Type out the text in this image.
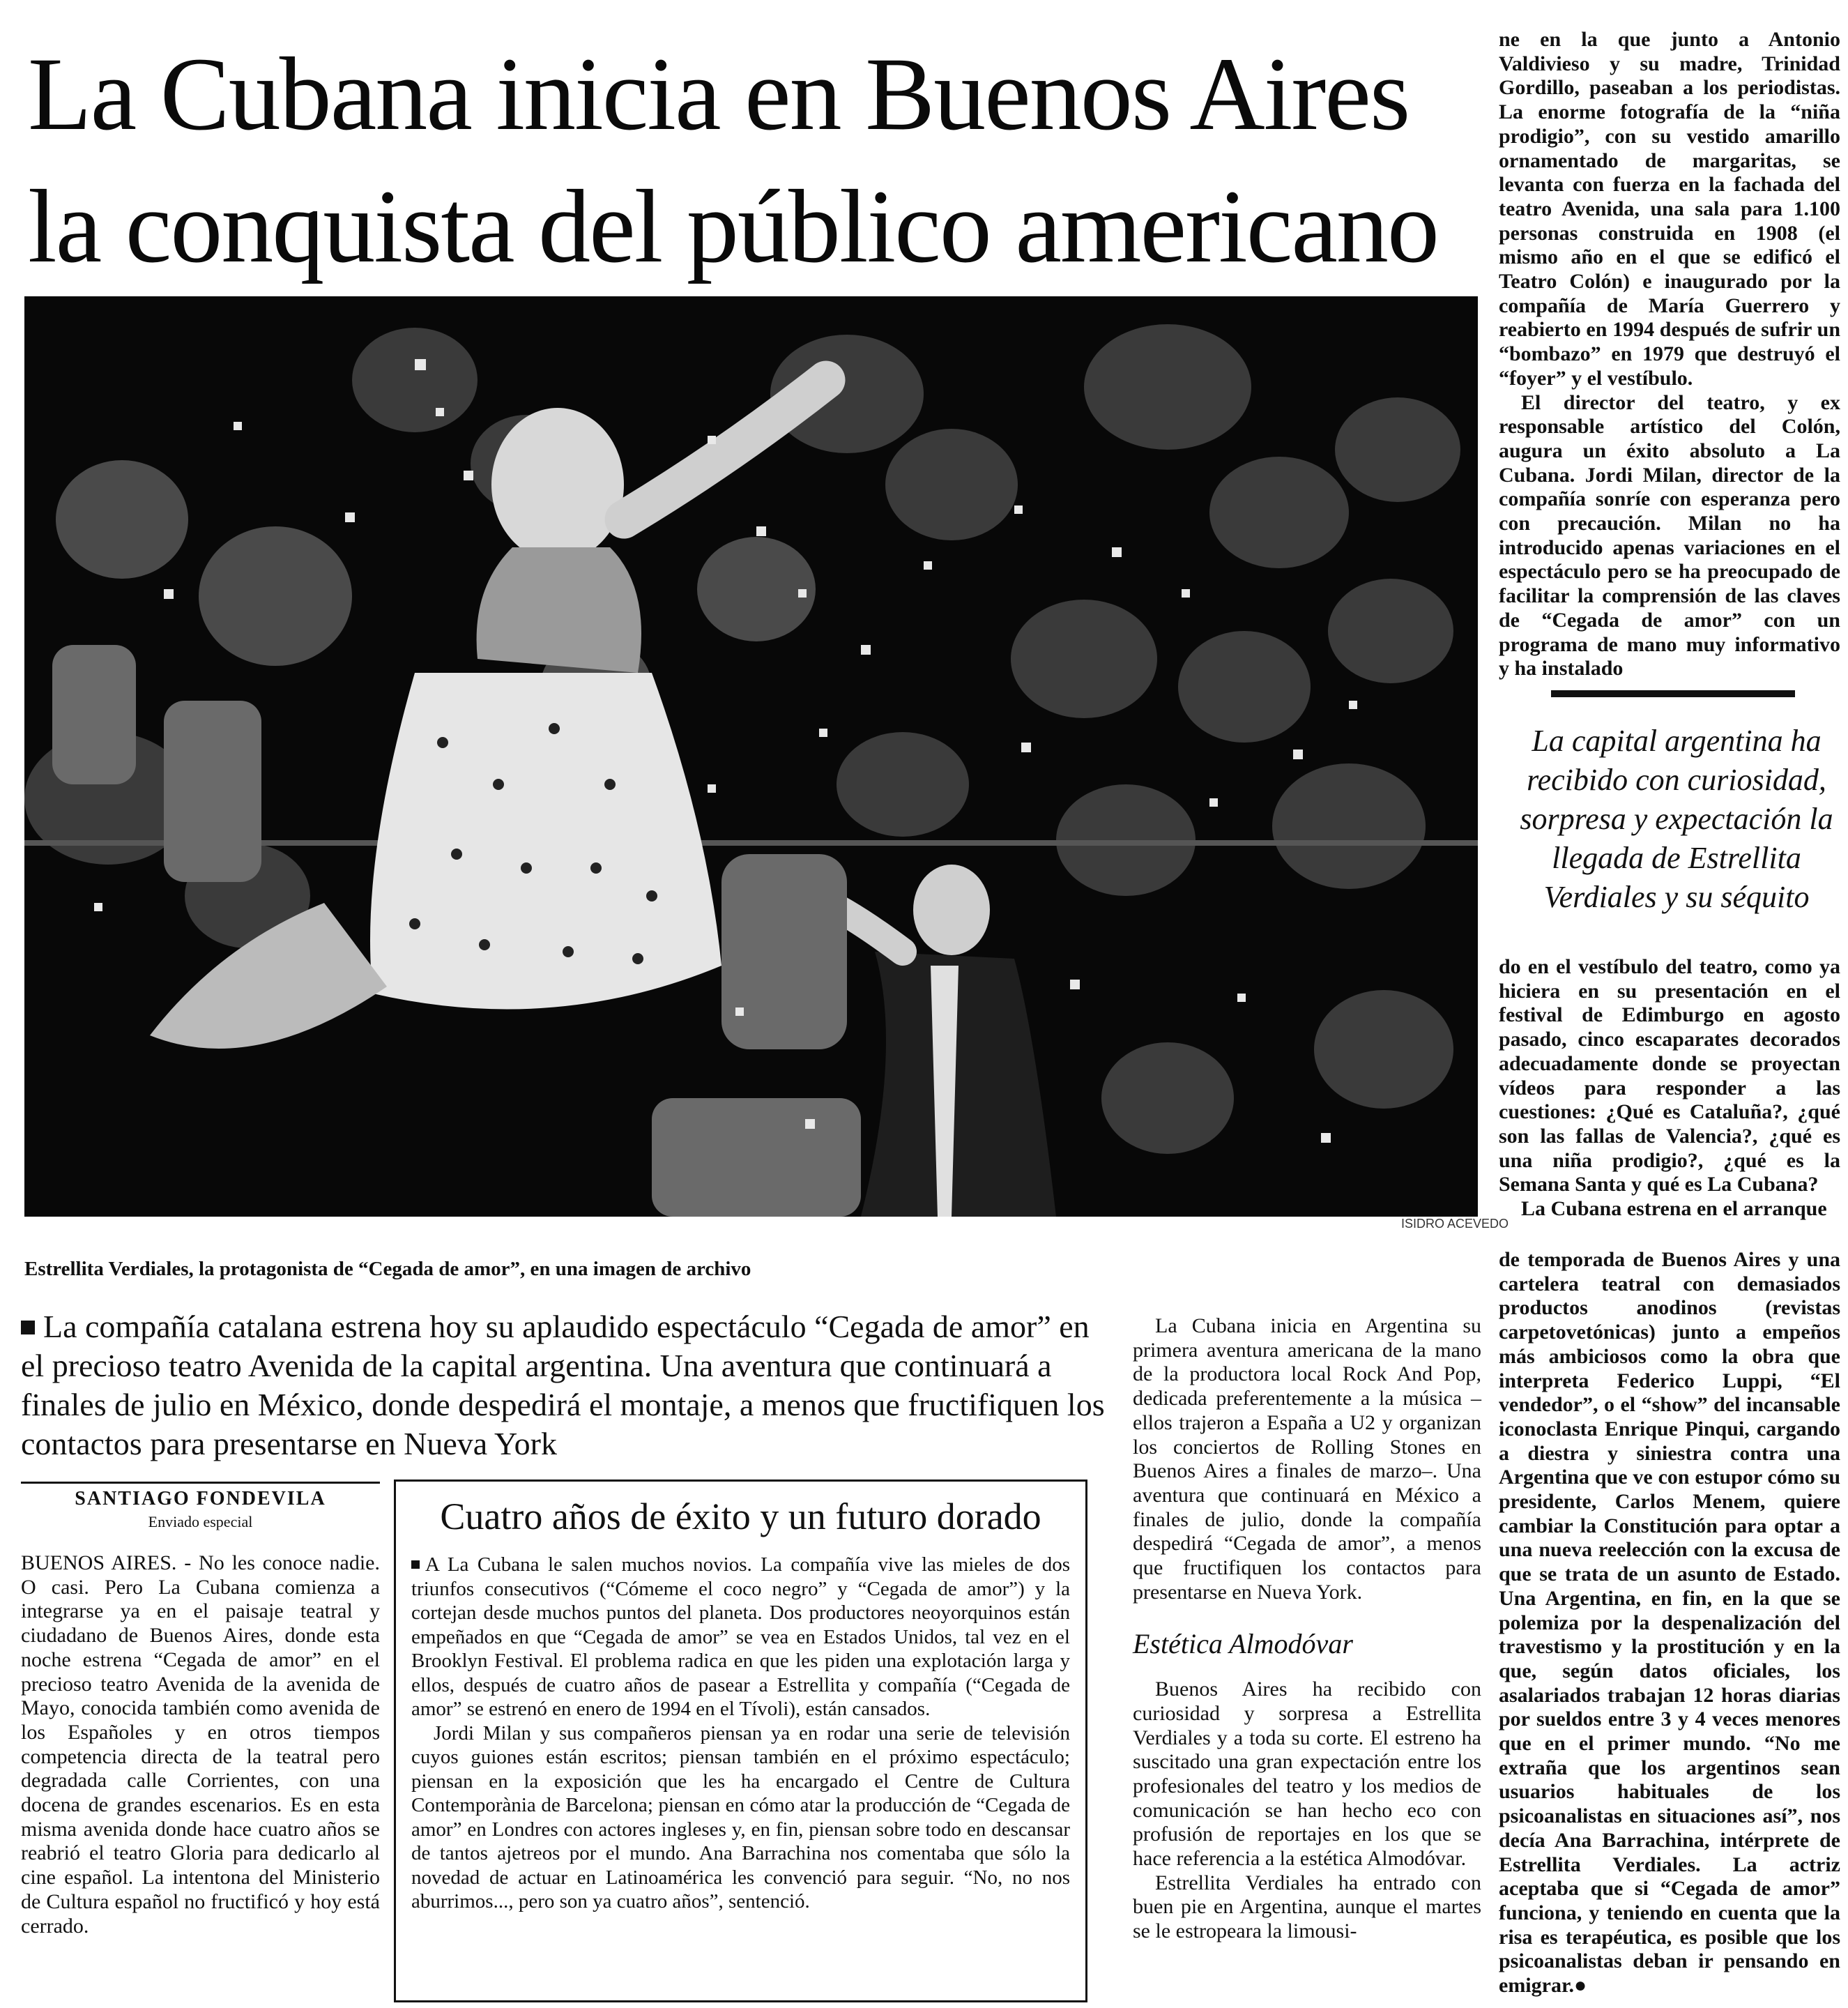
La Cubana inicia en Buenos Aires la conquista del público americano
ISIDRO ACEVEDO
Estrellita Verdiales, la protagonista de “Cegada de amor”, en una imagen de archivo
La compañía catalana estrena hoy su aplaudido espectáculo “Cegada de amor” en el precioso teatro Avenida de la capital argentina. Una aventura que continuará a finales de julio en México, donde despedirá el montaje, a menos que fructifiquen los contactos para presentarse en Nueva York
SANTIAGO FONDEVILA
Enviado especial

BUENOS AIRES. - No les conoce nadie. O casi. Pero La Cubana comienza a integrarse ya en el paisaje teatral y ciudadano de Buenos Aires, donde esta noche estrena “Cegada de amor” en el precioso teatro Avenida de la avenida de Mayo, conocida también como avenida de los Españoles y en otros tiempos competencia directa de la teatral pero degradada calle Corrientes, con una docena de grandes escenarios. Es en esta misma avenida donde hace cuatro años se reabrió el teatro Gloria para dedicarlo al cine español. La intentona del Ministerio de Cultura español no fructificó y hoy está cerrado.

Cuatro años de éxito y un futuro dorado

A La Cubana le salen muchos novios. La compañía vive las mieles de dos triunfos consecutivos (“Cómeme el coco negro” y “Cegada de amor”) y la cortejan desde muchos puntos del planeta. Dos productores neoyorquinos están empeñados en que “Cegada de amor” se vea en Estados Unidos, tal vez en el Brooklyn Festival. El problema radica en que les piden una explotación larga y ellos, después de cuatro años de pasear a Estrellita y compañía (“Cegada de amor” se estrenó en enero de 1994 en el Tívoli), están cansados.

Jordi Milan y sus compañeros piensan ya en rodar una serie de televisión cuyos guiones están escritos; piensan también en el próximo espectáculo; piensan en la exposición que les ha encargado el Centre de Cultura Contemporània de Barcelona; piensan en cómo atar la producción de “Cegada de amor” en Londres con actores ingleses y, en fin, piensan sobre todo en descansar de tantos ajetreos por el mundo. Ana Barrachina nos comentaba que sólo la novedad de actuar en Latinoamérica les convenció para seguir. “No, no nos aburrimos..., pero son ya cuatro años”, sentenció.

La Cubana inicia en Argentina su primera aventura americana de la mano de la productora local Rock And Pop, dedicada preferentemente a la música –ellos trajeron a España a U2 y organizan los conciertos de Rolling Stones en Buenos Aires a finales de marzo–. Una aventura que continuará en México a finales de julio, donde la compañía despedirá “Cegada de amor”, a menos que fructifiquen los contactos para presentarse en Nueva York.

Estética Almodóvar

Buenos Aires ha recibido con curiosidad y sorpresa a Estrellita Verdiales y a toda su corte. El estreno ha suscitado una gran expectación entre los profesionales del teatro y los medios de comunicación se han hecho eco con profusión de reportajes en los que se hace referencia a la estética Almodóvar.

Estrellita Verdiales ha entrado con buen pie en Argentina, aunque el martes se le estropeara la limousi-

ne en la que junto a Antonio Valdivieso y su madre, Trinidad Gordillo, paseaban a los periodistas. La enorme fotografía de la “niña prodigio”, con su vestido amarillo ornamentado de margaritas, se levanta con fuerza en la fachada del teatro Avenida, una sala para 1.100 personas construida en 1908 (el mismo año en el que se edificó el Teatro Colón) e inaugurado por la compañía de María Guerrero y reabierto en 1994 después de sufrir un “bombazo” en 1979 que destruyó el “foyer” y el vestíbulo.

El director del teatro, y ex responsable artístico del Colón, augura un éxito absoluto a La Cubana. Jordi Milan, director de la compañía sonríe con esperanza pero con precaución. Milan no ha introducido apenas variaciones en el espectáculo pero se ha preocupado de facilitar la comprensión de las claves de “Cegada de amor” con un programa de mano muy informativo y ha instalado

La capital argentina ha recibido con curiosidad, sorpresa y expectación la llegada de Estrellita Verdiales y su séquito

do en el vestíbulo del teatro, como ya hiciera en su presentación en el festival de Edimburgo en agosto pasado, cinco escaparates decorados adecuadamente donde se proyectan vídeos para responder a las cuestiones: ¿Qué es Cataluña?, ¿qué son las fallas de Valencia?, ¿qué es una niña prodigio?, ¿qué es la Semana Santa y qué es La Cubana?

La Cubana estrena en el arranque

de temporada de Buenos Aires y una cartelera teatral con demasiados productos anodinos (revistas carpetovetónicas) junto a empeños más ambiciosos como la obra que interpreta Federico Luppi, “El vendedor”, o el “show” del incansable iconoclasta Enrique Pinqui, cargando a diestra y siniestra contra una Argentina que ve con estupor cómo su presidente, Carlos Menem, quiere cambiar la Constitución para optar a una nueva reelección con la excusa de que se trata de un asunto de Estado. Una Argentina, en fin, en la que se polemiza por la despenalización del travestismo y la prostitución y en la que, según datos oficiales, los asalariados trabajan 12 horas diarias por sueldos entre 3 y 4 veces menores que en el primer mundo. “No me extraña que los argentinos sean usuarios habituales de los psicoanalistas en situaciones así”, nos decía Ana Barrachina, intérprete de Estrellita Verdiales. La actriz aceptaba que si “Cegada de amor” funciona, y teniendo en cuenta que la risa es terapéutica, es posible que los psicoanalistas deban ir pensando en emigrar.●
